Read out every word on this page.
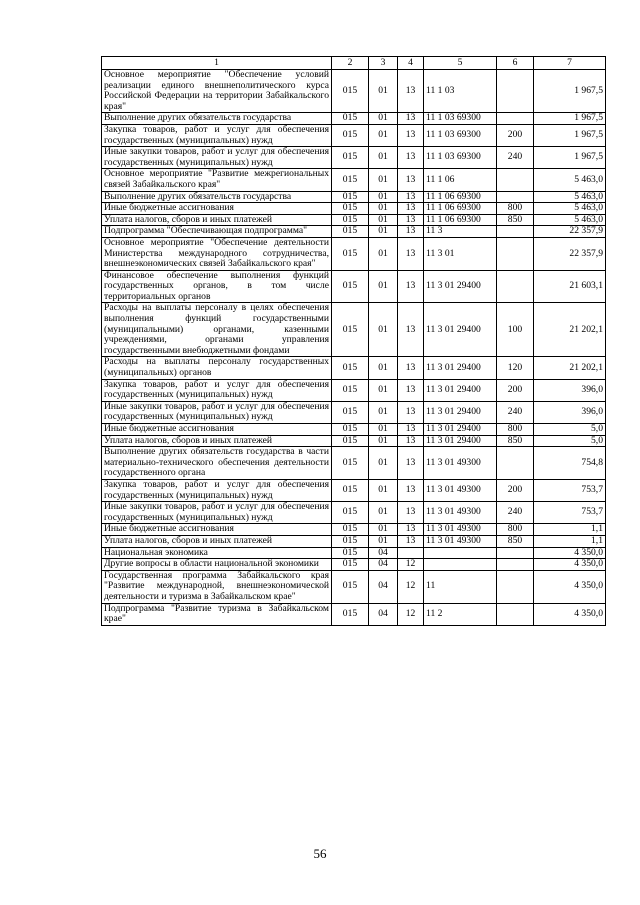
1	2	3	4	5	6	7
Основное мероприятие "Обеспечение условий реализации единого внешнеполитического курса Российской Федерации на территории Забайкальского края"	015	01	13	11 1 03		1 967,5
Выполнение других обязательств государства	015	01	13	11 1 03 69300		1 967,5
Закупка товаров, работ и услуг для обеспечения государственных (муниципальных) нужд	015	01	13	11 1 03 69300	200	1 967,5
Иные закупки товаров, работ и услуг для обеспечения государственных (муниципальных) нужд	015	01	13	11 1 03 69300	240	1 967,5
Основное мероприятие "Развитие межрегиональных связей Забайкальского края"	015	01	13	11 1 06		5 463,0
Выполнение других обязательств государства	015	01	13	11 1 06 69300		5 463,0
Иные бюджетные ассигнования	015	01	13	11 1 06 69300	800	5 463,0
Уплата налогов, сборов и иных платежей	015	01	13	11 1 06 69300	850	5 463,0
Подпрограмма "Обеспечивающая подпрограмма"	015	01	13	11 3		22 357,9
Основное мероприятие "Обеспечение деятельности Министерства международного сотрудничества, внешнеэкономических связей Забайкальского края"	015	01	13	11 3 01		22 357,9
Финансовое обеспечение выполнения функций государственных органов, в том числе территориальных органов	015	01	13	11 3 01 29400		21 603,1
Расходы на выплаты персоналу в целях обеспечения выполнения функций государственными (муниципальными) органами, казенными учреждениями, органами управления государственными внебюджетными фондами	015	01	13	11 3 01 29400	100	21 202,1
Расходы на выплаты персоналу государственных (муниципальных) органов	015	01	13	11 3 01 29400	120	21 202,1
Закупка товаров, работ и услуг для обеспечения государственных (муниципальных) нужд	015	01	13	11 3 01 29400	200	396,0
Иные закупки товаров, работ и услуг для обеспечения государственных (муниципальных) нужд	015	01	13	11 3 01 29400	240	396,0
Иные бюджетные ассигнования	015	01	13	11 3 01 29400	800	5,0
Уплата налогов, сборов и иных платежей	015	01	13	11 3 01 29400	850	5,0
Выполнение других обязательств государства в части материально-технического обеспечения деятельности государственного органа	015	01	13	11 3 01 49300		754,8
Закупка товаров, работ и услуг для обеспечения государственных (муниципальных) нужд	015	01	13	11 3 01 49300	200	753,7
Иные закупки товаров, работ и услуг для обеспечения государственных (муниципальных) нужд	015	01	13	11 3 01 49300	240	753,7
Иные бюджетные ассигнования	015	01	13	11 3 01 49300	800	1,1
Уплата налогов, сборов и иных платежей	015	01	13	11 3 01 49300	850	1,1
Национальная экономика	015	04				4 350,0
Другие вопросы в области национальной экономики	015	04	12			4 350,0
Государственная программа Забайкальского края "Развитие международной, внешнеэкономической деятельности и туризма в Забайкальском крае"	015	04	12	11		4 350,0
Подпрограмма "Развитие туризма в Забайкальском крае"	015	04	12	11 2		4 350,0
56
